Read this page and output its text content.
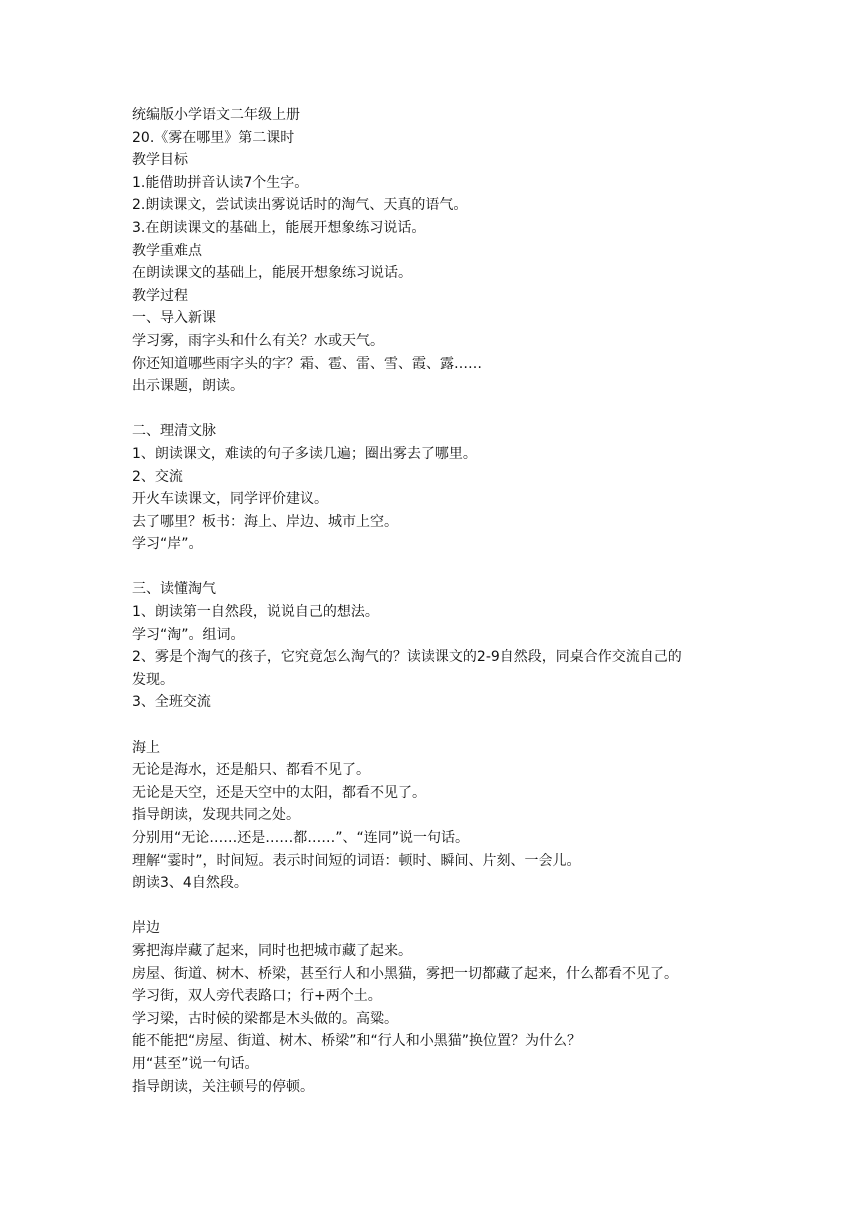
统编版小学语文二年级上册
20.《雾在哪里》第二课时
教学目标
1.能借助拼音认读7个生字。
2.朗读课文，尝试读出雾说话时的淘气、天真的语气。
3.在朗读课文的基础上，能展开想象练习说话。
教学重难点
在朗读课文的基础上，能展开想象练习说话。
教学过程
一、导入新课
学习雾，雨字头和什么有关？水或天气。
你还知道哪些雨字头的字？霜、雹、雷、雪、霞、露……
出示课题，朗读。
二、理清文脉
1、朗读课文，难读的句子多读几遍；圈出雾去了哪里。
2、交流
开火车读课文，同学评价建议。
去了哪里？板书：海上、岸边、城市上空。
学习“岸”。
三、读懂淘气
1、朗读第一自然段，说说自己的想法。
学习“淘”。组词。
2、雾是个淘气的孩子，它究竟怎么淘气的？读读课文的2-9自然段，同桌合作交流自己的
发现。
3、全班交流
海上
无论是海水，还是船只、都看不见了。
无论是天空，还是天空中的太阳，都看不见了。
指导朗读，发现共同之处。
分别用“无论……还是……都……”、“连同”说一句话。
理解“霎时”，时间短。表示时间短的词语：顿时、瞬间、片刻、一会儿。
朗读3、4自然段。
岸边
雾把海岸藏了起来，同时也把城市藏了起来。
房屋、街道、树木、桥梁，甚至行人和小黑猫，雾把一切都藏了起来，什么都看不见了。
学习街，双人旁代表路口；行+两个土。
学习梁，古时候的梁都是木头做的。高粱。
能不能把“房屋、街道、树木、桥梁”和“行人和小黑猫”换位置？为什么？
用“甚至”说一句话。
指导朗读，关注顿号的停顿。
